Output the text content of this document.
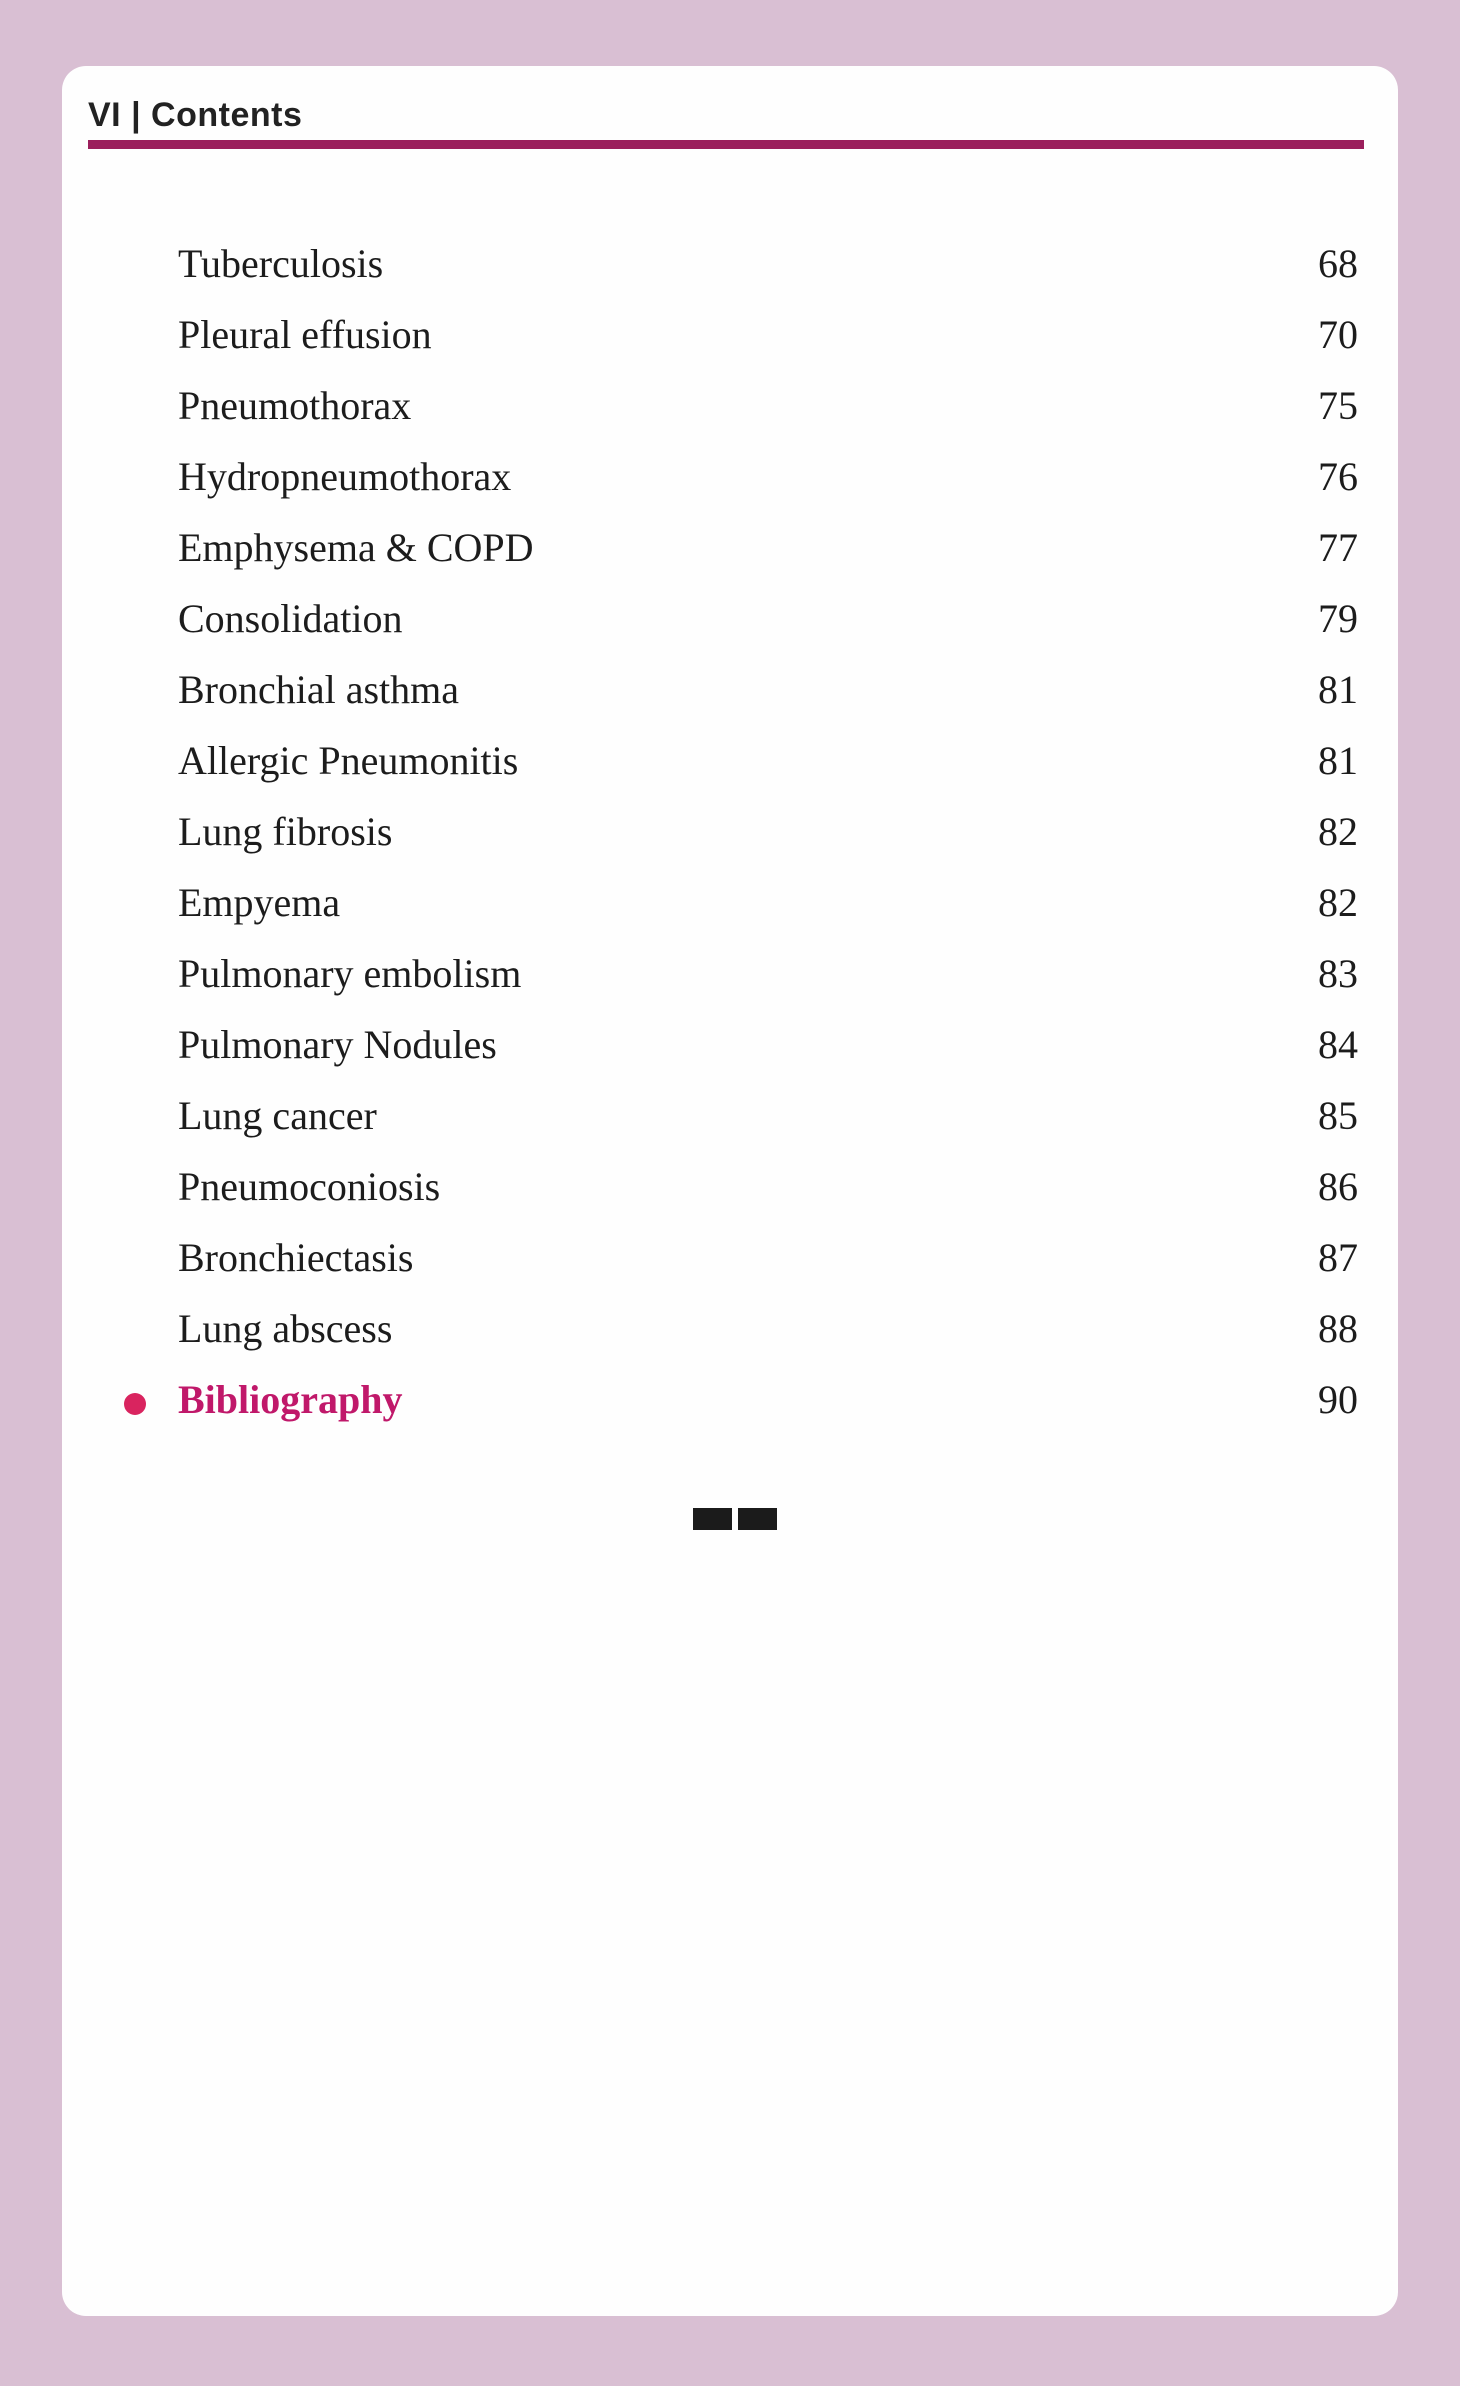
VI | Contents
Tuberculosis	68
Pleural effusion	70
Pneumothorax	75
Hydropneumothorax	76
Emphysema & COPD	77
Consolidation	79
Bronchial asthma	81
Allergic Pneumonitis	81
Lung fibrosis	82
Empyema	82
Pulmonary embolism	83
Pulmonary Nodules	84
Lung cancer	85
Pneumoconiosis	86
Bronchiectasis	87
Lung abscess	88
Bibliography	90
